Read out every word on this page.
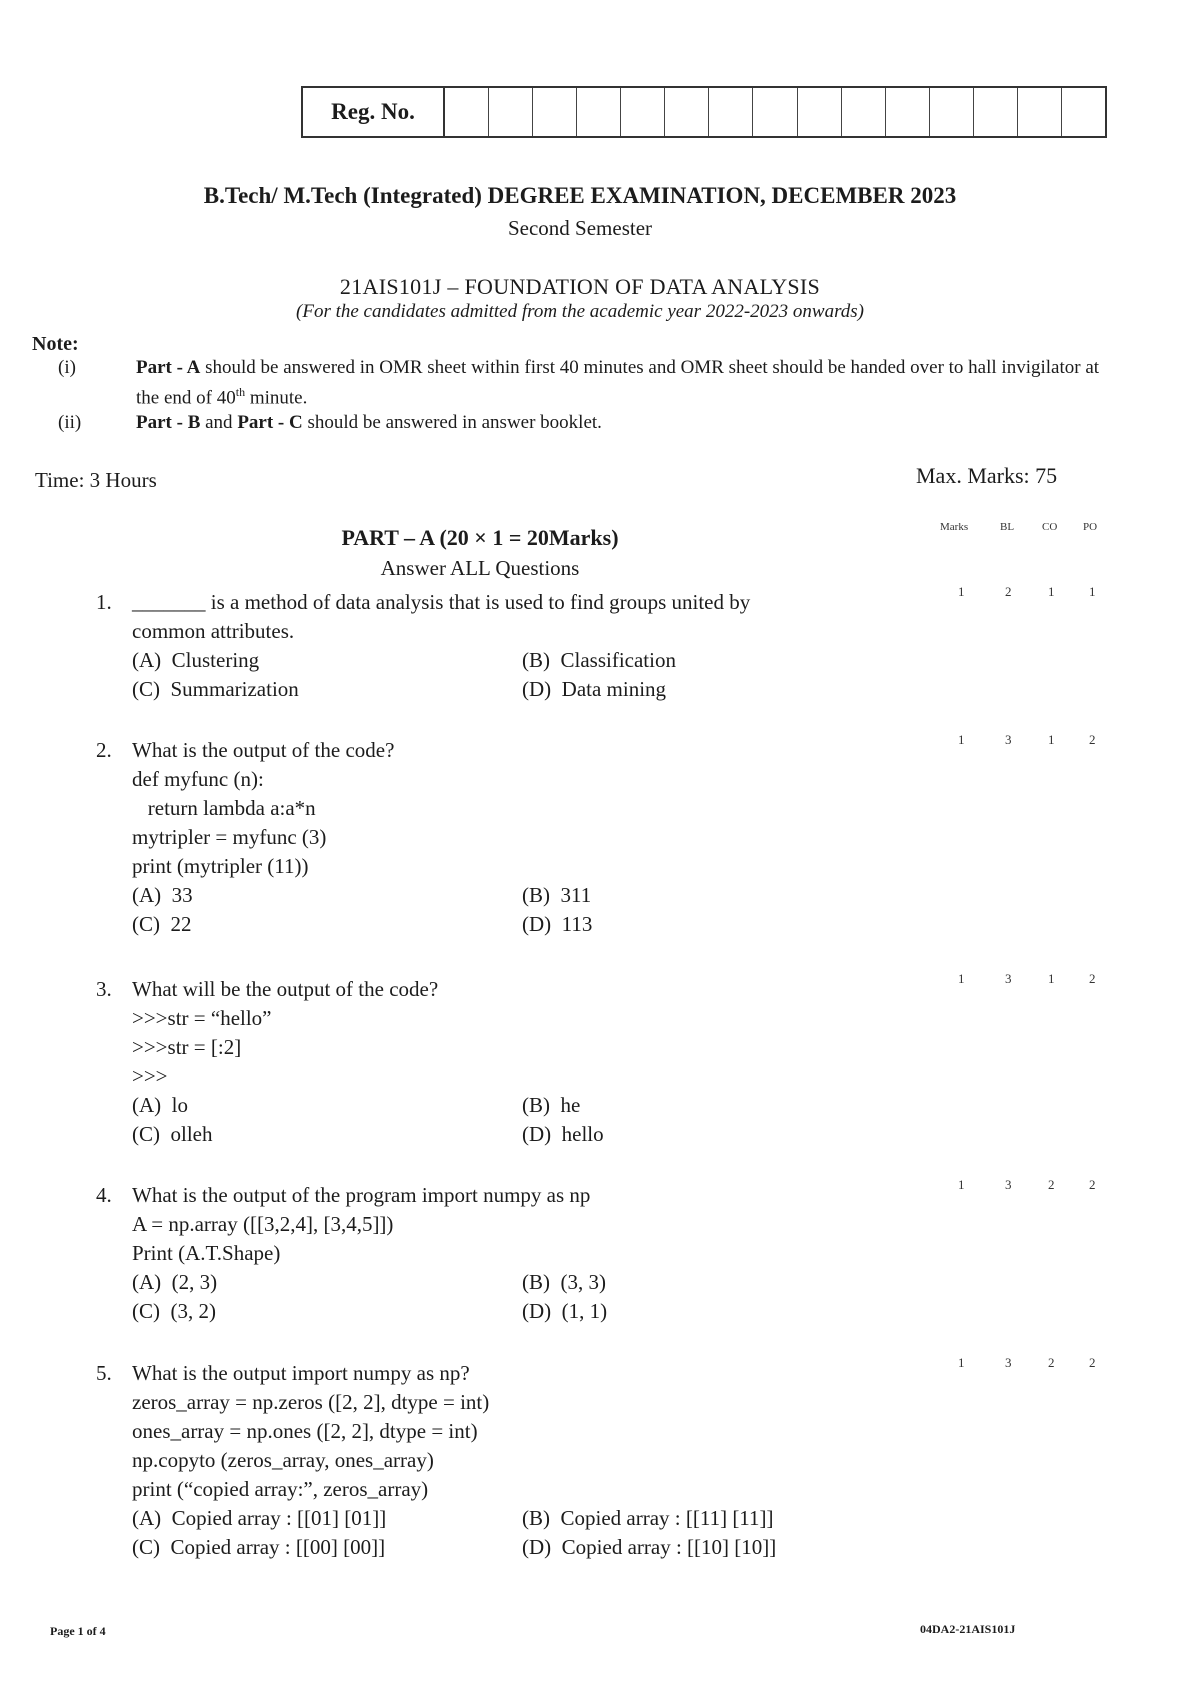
Reg. No.
B.Tech/ M.Tech (Integrated) DEGREE EXAMINATION, DECEMBER 2023
Second Semester
21AIS101J – FOUNDATION OF DATA ANALYSIS
(For the candidates admitted from the academic year 2022-2023 onwards)
Note:
(i)	Part - A should be answered in OMR sheet within first 40 minutes and OMR sheet should be handed over to hall invigilator at the end of 40th minute.
(ii)	Part - B and Part - C should be answered in answer booklet.
Time: 3 Hours	Max. Marks: 75
Marks	BL	CO PO
PART – A (20 × 1 = 20Marks)
Answer ALL Questions
1. _______ is a method of data analysis that is used to find groups united by
common attributes.
(A)  Clustering	(B)  Classification
(C)  Summarization	(D)  Data mining
1	2	1	1
2. What is the output of the code?
def myfunc (n):
return lambda a:a*n
mytripler = myfunc (3)
print (mytripler (11))
(A)  33	(B)  311
(C)  22	(D)  113
1	3	1	2
3. What will be the output of the code?
>>>str = “hello”
>>>str = [:2]
>>>
(A)  lo	(B)  he
(C)  olleh	(D)  hello
1	3	1	2
4. What is the output of the program import numpy as np
A = np.array ([[3,2,4], [3,4,5]])
Print (A.T.Shape)
(A)  (2, 3)	(B)  (3, 3)
(C)  (3, 2)	(D)  (1, 1)
1	3	2	2
5. What is the output import numpy as np?
zeros_array = np.zeros ([2, 2], dtype = int)
ones_array = np.ones ([2, 2], dtype = int)
np.copyto (zeros_array, ones_array)
print (“copied array:”, zeros_array)
(A)  Copied array : [[01] [01]]	(B)  Copied array : [[11] [11]]
(C)  Copied array : [[00] [00]]	(D)  Copied array : [[10] [10]]
1	3	2	2
Page 1 of 4	04DA2-21AIS101J
